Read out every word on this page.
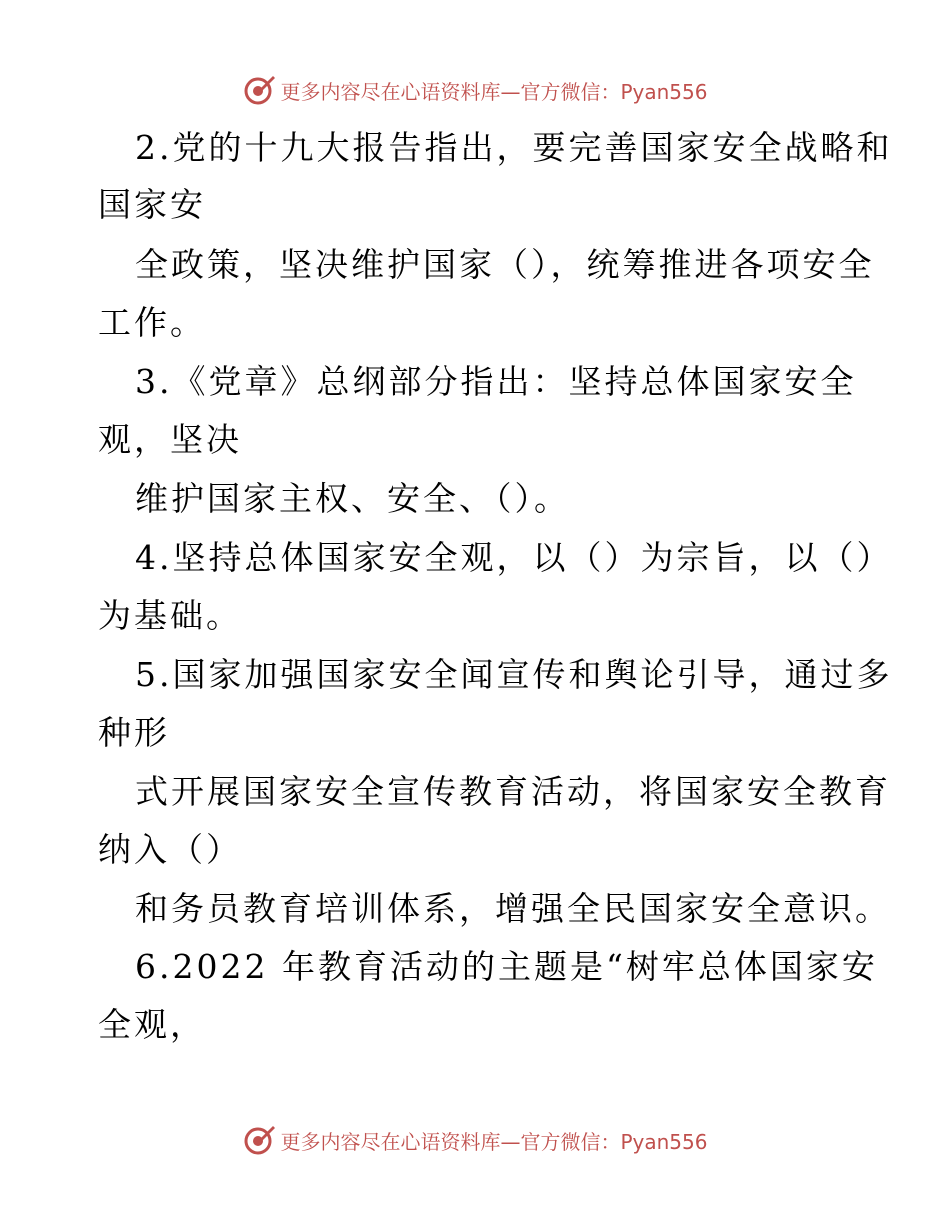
更多内容尽在心语资料库— 官方微信：Pyan556
2.党的十九大报告指出，要完善国家安全战略和
国家安
全政策，坚决维护国家（），统筹推进各项安全
工作。
3.《党章》总纲部分指出：坚持总体国家安全
观，坚决
维护国家主权、安全、（）。
4.坚持总体国家安全观，以（）为宗旨，以（）
为基础。
5.国家加强国家安全闻宣传和舆论引导，通过多
种形
式开展国家安全宣传教育活动，将国家安全教育
纳入（）
和务员教育培训体系，增强全民国家安全意识。
6.2022 年教育活动的主题是“树牢总体国家安
全观，
更多内容尽在心语资料库— 官方微信：Pyan556
